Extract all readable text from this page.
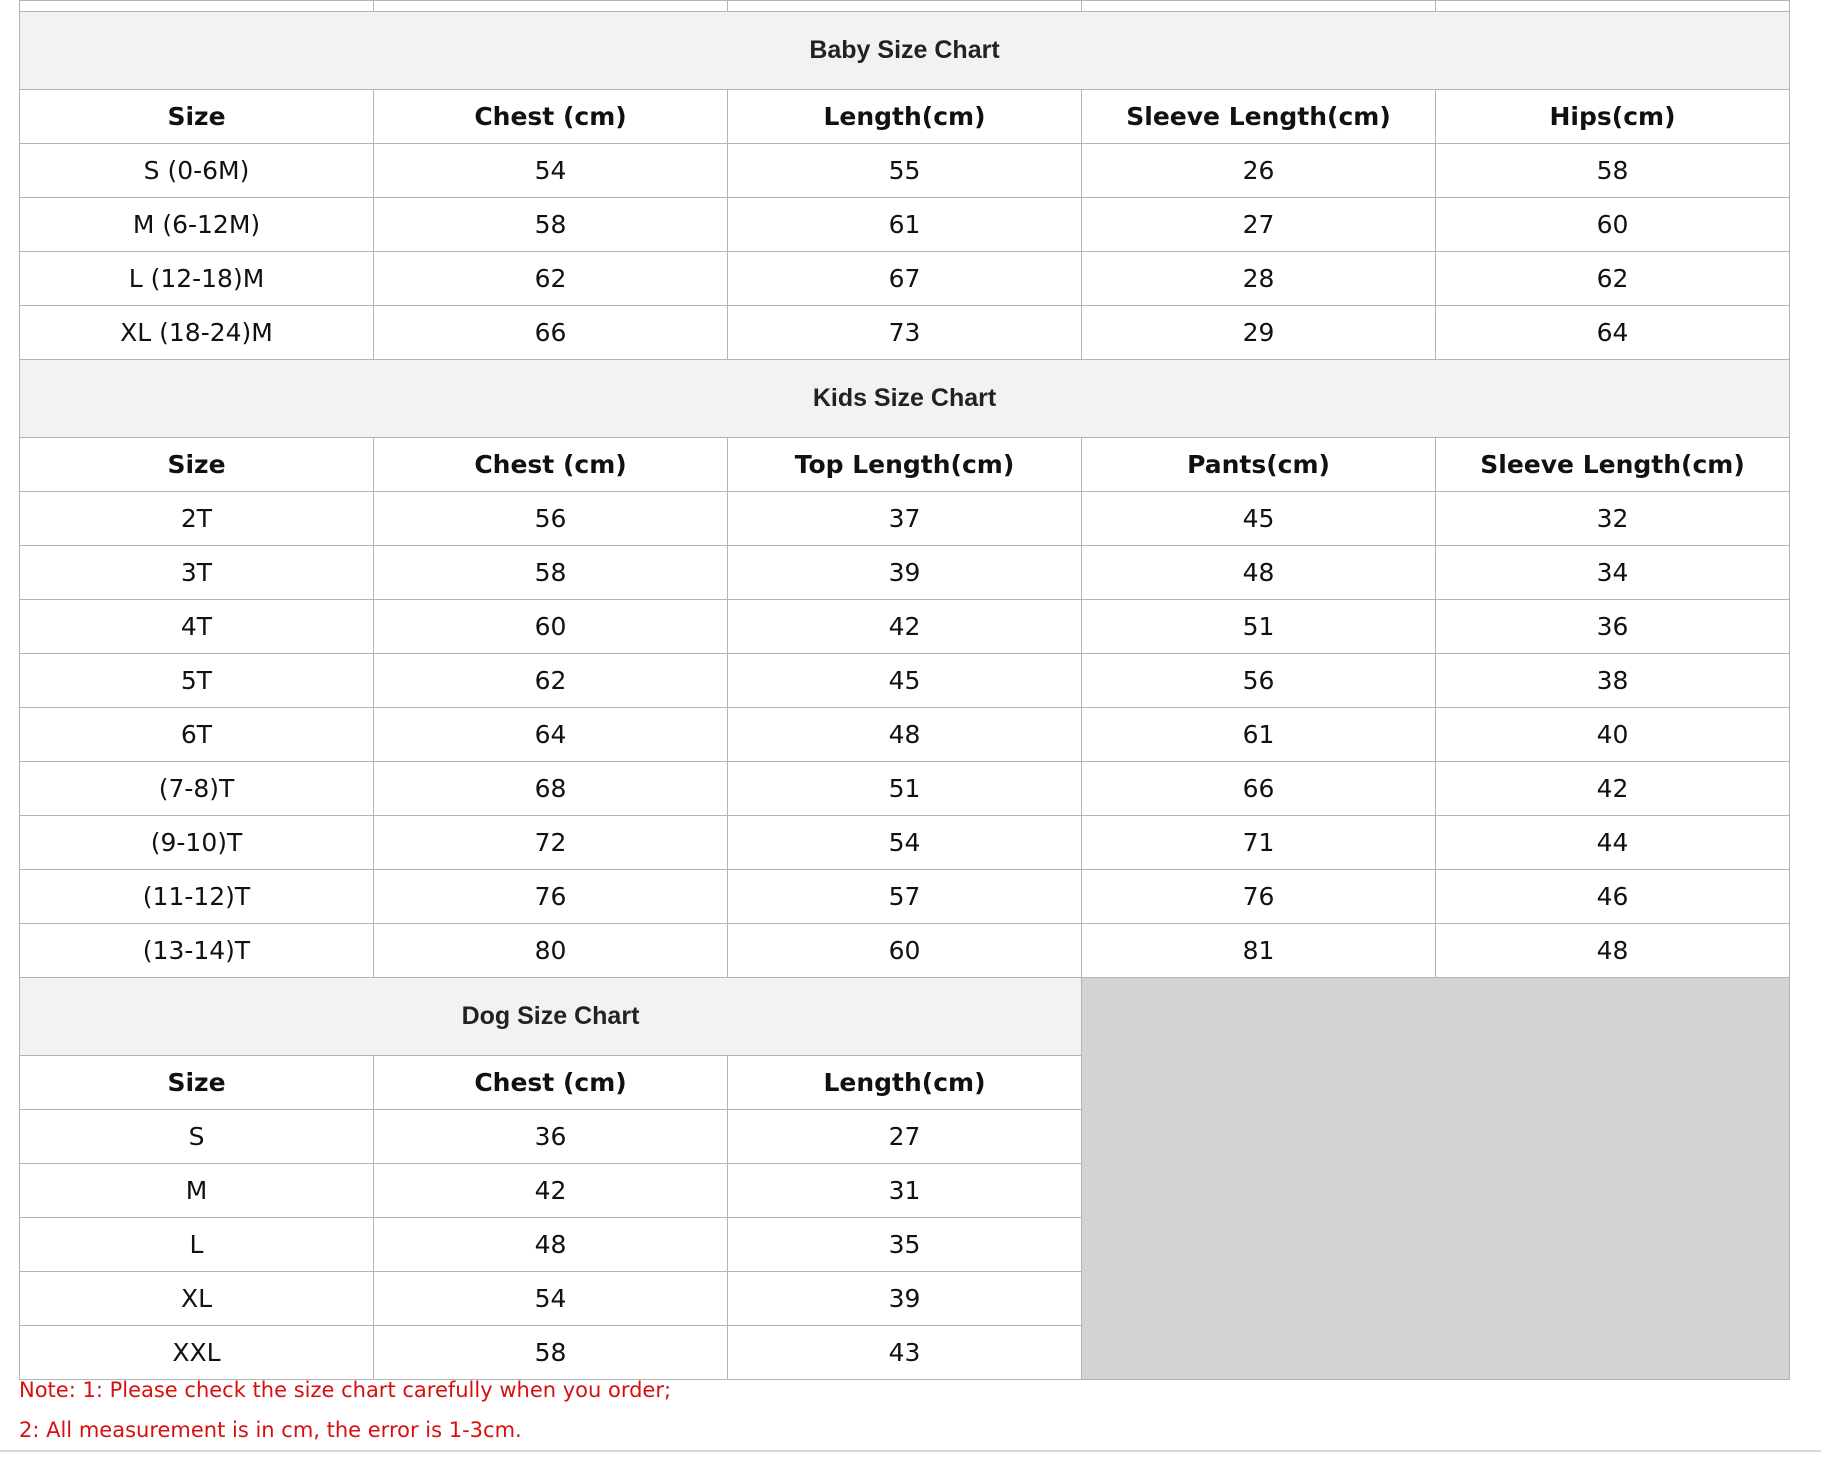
Baby Size Chart				
Size	Chest (cm)	Length(cm)	Sleeve Length(cm)	Hips(cm)
S (0-6M)	54	55	26	58
M (6-12M)	58	61	27	60
L (12-18)M	62	67	28	62
XL (18-24)M	66	73	29	64
Kids Size Chart				
Size	Chest (cm)	Top Length(cm)	Pants(cm)	Sleeve Length(cm)
2T	56	37	45	32
3T	58	39	48	34
4T	60	42	51	36
5T	62	45	56	38
6T	64	48	61	40
(7-8)T	68	51	66	42
(9-10)T	72	54	71	44
(11-12)T	76	57	76	46
(13-14)T	80	60	81	48
Dog Size Chart				
Size	Chest (cm)	Length(cm)		
S	36	27		
M	42	31		
L	48	35		
XL	54	39		
XXL	58	43		
Note: 1: Please check the size chart carefully when you order;
2: All measurement is in cm, the error is 1-3cm.
